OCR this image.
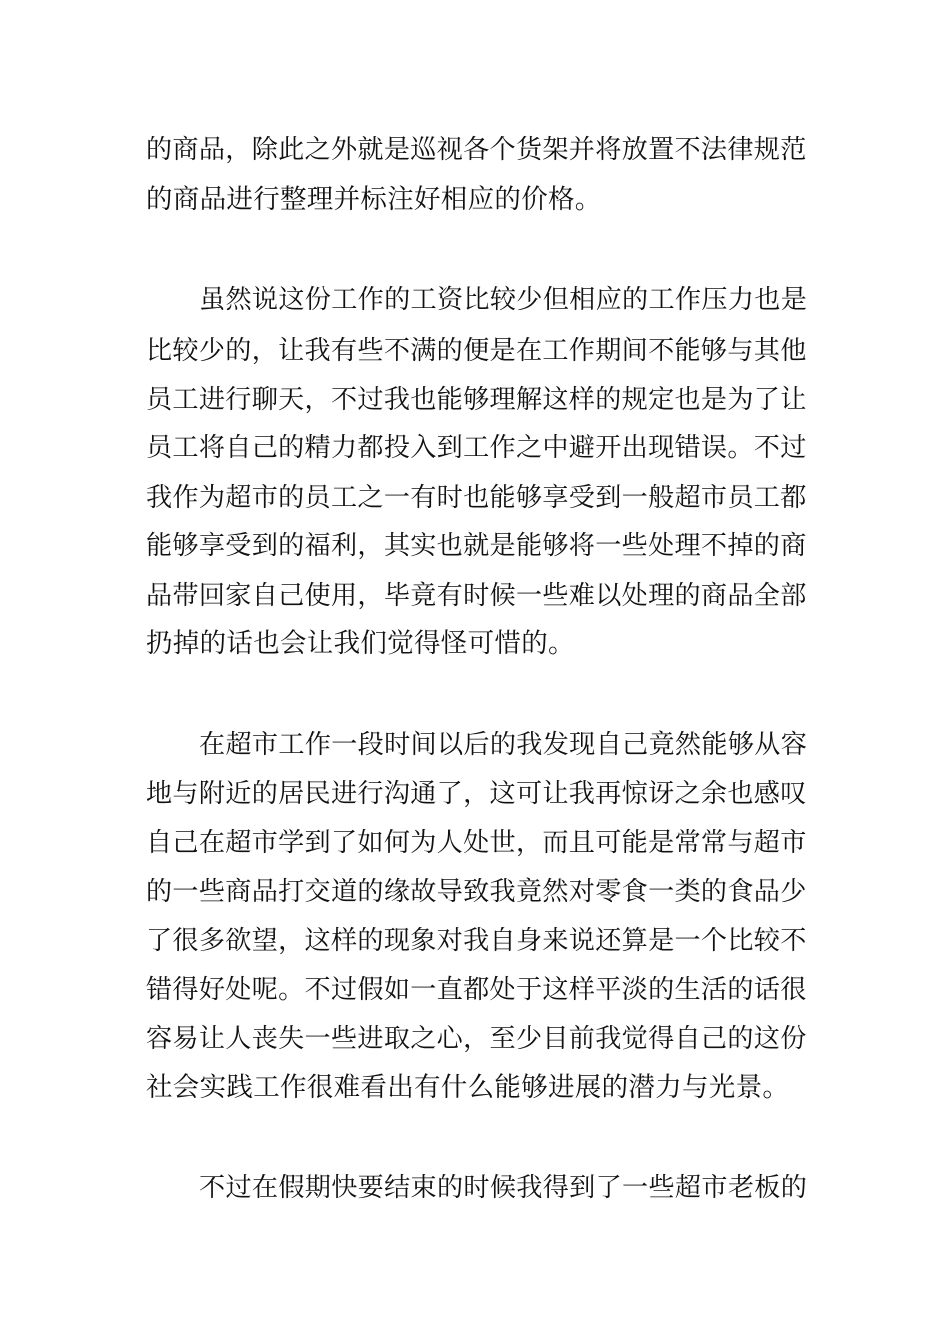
的商品，除此之外就是巡视各个货架并将放置不法律规范
的商品进行整理并标注好相应的价格。
虽然说这份工作的工资比较少但相应的工作压力也是
比较少的，让我有些不满的便是在工作期间不能够与其他
员工进行聊天，不过我也能够理解这样的规定也是为了让
员工将自己的精力都投入到工作之中避开出现错误。不过
我作为超市的员工之一有时也能够享受到一般超市员工都
能够享受到的福利，其实也就是能够将一些处理不掉的商
品带回家自己使用，毕竟有时候一些难以处理的商品全部
扔掉的话也会让我们觉得怪可惜的。
在超市工作一段时间以后的我发现自己竟然能够从容
地与附近的居民进行沟通了，这可让我再惊讶之余也感叹
自己在超市学到了如何为人处世，而且可能是常常与超市
的一些商品打交道的缘故导致我竟然对零食一类的食品少
了很多欲望，这样的现象对我自身来说还算是一个比较不
错得好处呢。不过假如一直都处于这样平淡的生活的话很
容易让人丧失一些进取之心，至少目前我觉得自己的这份
社会实践工作很难看出有什么能够进展的潜力与光景。
不过在假期快要结束的时候我得到了一些超市老板的
